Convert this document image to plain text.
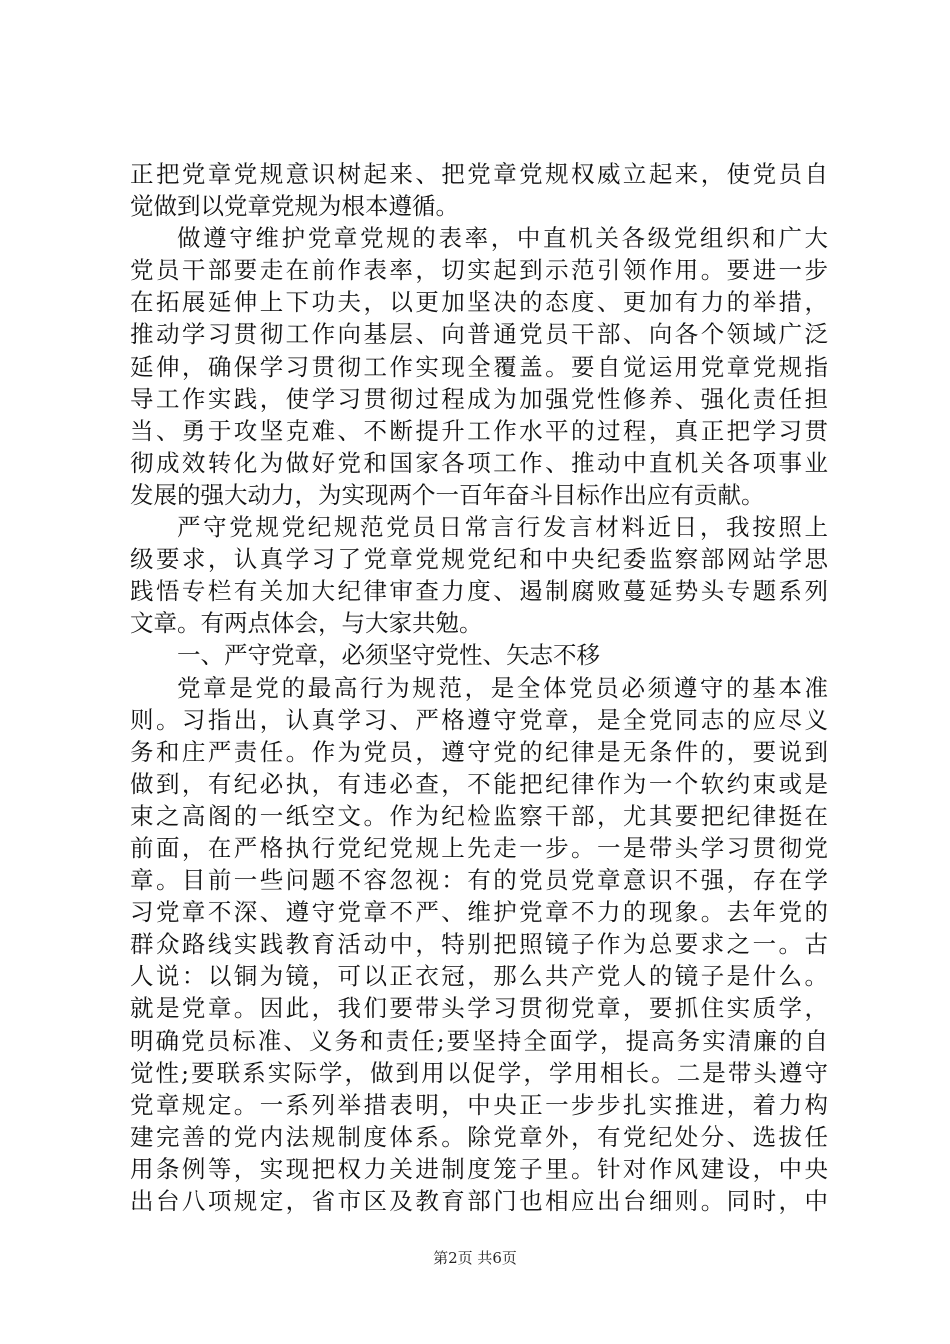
正把党章党规意识树起来、把党章党规权威立起来，使党员自
觉做到以党章党规为根本遵循。
做遵守维护党章党规的表率，中直机关各级党组织和广大
党员干部要走在前作表率，切实起到示范引领作用。要进一步
在拓展延伸上下功夫，以更加坚决的态度、更加有力的举措，
推动学习贯彻工作向基层、向普通党员干部、向各个领域广泛
延伸，确保学习贯彻工作实现全覆盖。要自觉运用党章党规指
导工作实践，使学习贯彻过程成为加强党性修养、强化责任担
当、勇于攻坚克难、不断提升工作水平的过程，真正把学习贯
彻成效转化为做好党和国家各项工作、推动中直机关各项事业
发展的强大动力，为实现两个一百年奋斗目标作出应有贡献。
严守党规党纪规范党员日常言行发言材料近日，我按照上
级要求，认真学习了党章党规党纪和中央纪委监察部网站学思
践悟专栏有关加大纪律审查力度、遏制腐败蔓延势头专题系列
文章。有两点体会，与大家共勉。
一、严守党章，必须坚守党性、矢志不移
党章是党的最高行为规范，是全体党员必须遵守的基本准
则。习指出，认真学习、严格遵守党章，是全党同志的应尽义
务和庄严责任。作为党员，遵守党的纪律是无条件的，要说到
做到，有纪必执，有违必查，不能把纪律作为一个软约束或是
束之高阁的一纸空文。作为纪检监察干部，尤其要把纪律挺在
前面，在严格执行党纪党规上先走一步。一是带头学习贯彻党
章。目前一些问题不容忽视：有的党员党章意识不强，存在学
习党章不深、遵守党章不严、维护党章不力的现象。去年党的
群众路线实践教育活动中，特别把照镜子作为总要求之一。古
人说：以铜为镜，可以正衣冠，那么共产党人的镜子是什么。
就是党章。因此，我们要带头学习贯彻党章，要抓住实质学，
明确党员标准、义务和责任;要坚持全面学，提高务实清廉的自
觉性;要联系实际学，做到用以促学，学用相长。二是带头遵守
党章规定。一系列举措表明，中央正一步步扎实推进，着力构
建完善的党内法规制度体系。除党章外，有党纪处分、选拔任
用条例等，实现把权力关进制度笼子里。针对作风建设，中央
出台八项规定，省市区及教育部门也相应出台细则。同时，中
第2页 共6页
